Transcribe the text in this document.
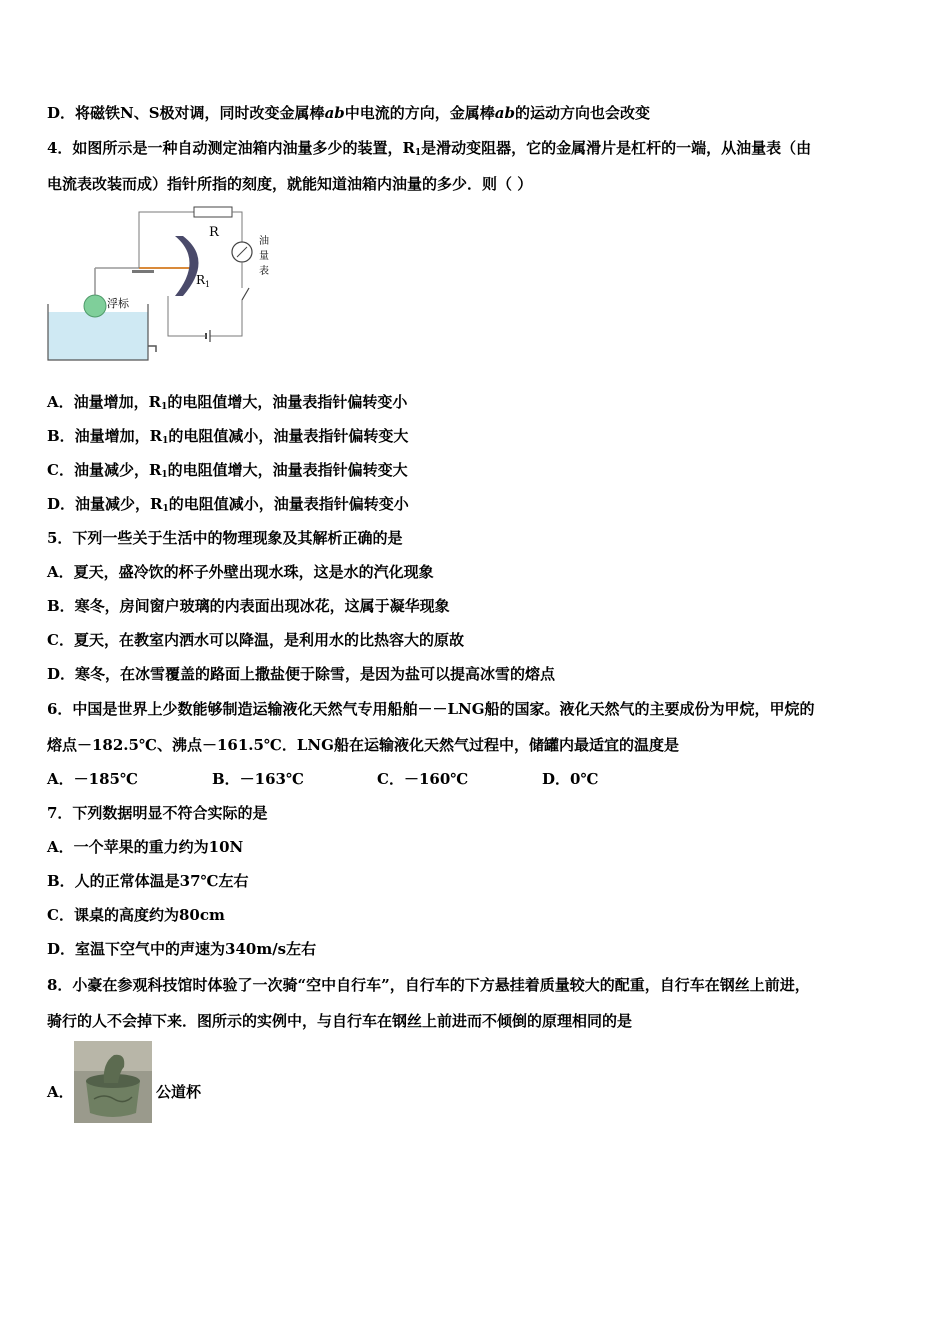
D．将磁铁N、S极对调，同时改变金属棒ab中电流的方向，金属棒ab的运动方向也会改变
4．如图所示是一种自动测定油箱内油量多少的装置，$R_1$是滑动变阻器，它的金属滑片是杠杆的一端，从油量表（由
电流表改装而成）指针所指的刻度，就能知道油箱内油量的多少．则（ ）
浮标
$R_1$
R
油
量
表
A．油量增加，$R_1$的电阻值增大，油量表指针偏转变小
B．油量增加，$R_1$的电阻值减小，油量表指针偏转变大
C．油量减少，$R_1$的电阻值增大，油量表指针偏转变大
D．油量减少，$R_1$的电阻值减小，油量表指针偏转变小
5．下列一些关于生活中的物理现象及其解析正确的是
A．夏天，盛冷饮的杯子外壁出现水珠，这是水的汽化现象
B．寒冬，房间窗户玻璃的内表面出现冰花，这属于凝华现象
C．夏天，在教室内洒水可以降温，是利用水的比热容大的原故
D．寒冬，在冰雪覆盖的路面上撒盐便于除雪，是因为盐可以提高冰雪的熔点
6．中国是世界上少数能够制造运输液化天然气专用船舶－－LNG船的国家。液化天然气的主要成份为甲烷，甲烷的
熔点－182.5℃、沸点－161.5℃．LNG船在运输液化天然气过程中，储罐内最适宜的温度是
A．－185℃	B．－163℃	C．－160℃	D．0℃
7．下列数据明显不符合实际的是
A．一个苹果的重力约为10N
B．人的正常体温是37℃左右
C．课桌的高度约为80cm
D．室温下空气中的声速为340m/s左右
8．小豪在参观科技馆时体验了一次骑“空中自行车”，自行车的下方悬挂着质量较大的配重，自行车在钢丝上前进，
骑行的人不会掉下来．图所示的实例中，与自行车在钢丝上前进而不倾倒的原理相同的是
A．	公道杯
